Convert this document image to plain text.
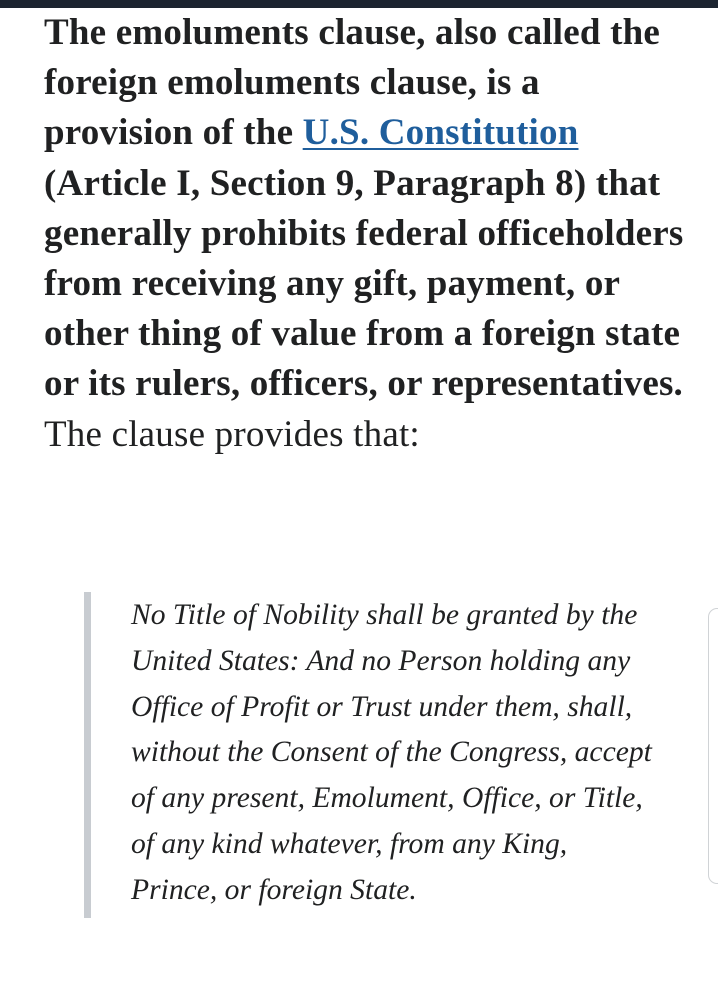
The emoluments clause, also called the foreign emoluments clause, is a provision of the U.S. Constitution (Article I, Section 9, Paragraph 8) that generally prohibits federal officeholders from receiving any gift, payment, or other thing of value from a foreign state or its rulers, officers, or representatives. The clause provides that:

No Title of Nobility shall be granted by the United States: And no Person holding any Office of Profit or Trust under them, shall, without the Consent of the Congress, accept of any present, Emolument, Office, or Title, of any kind whatever, from any King, Prince, or foreign State.
